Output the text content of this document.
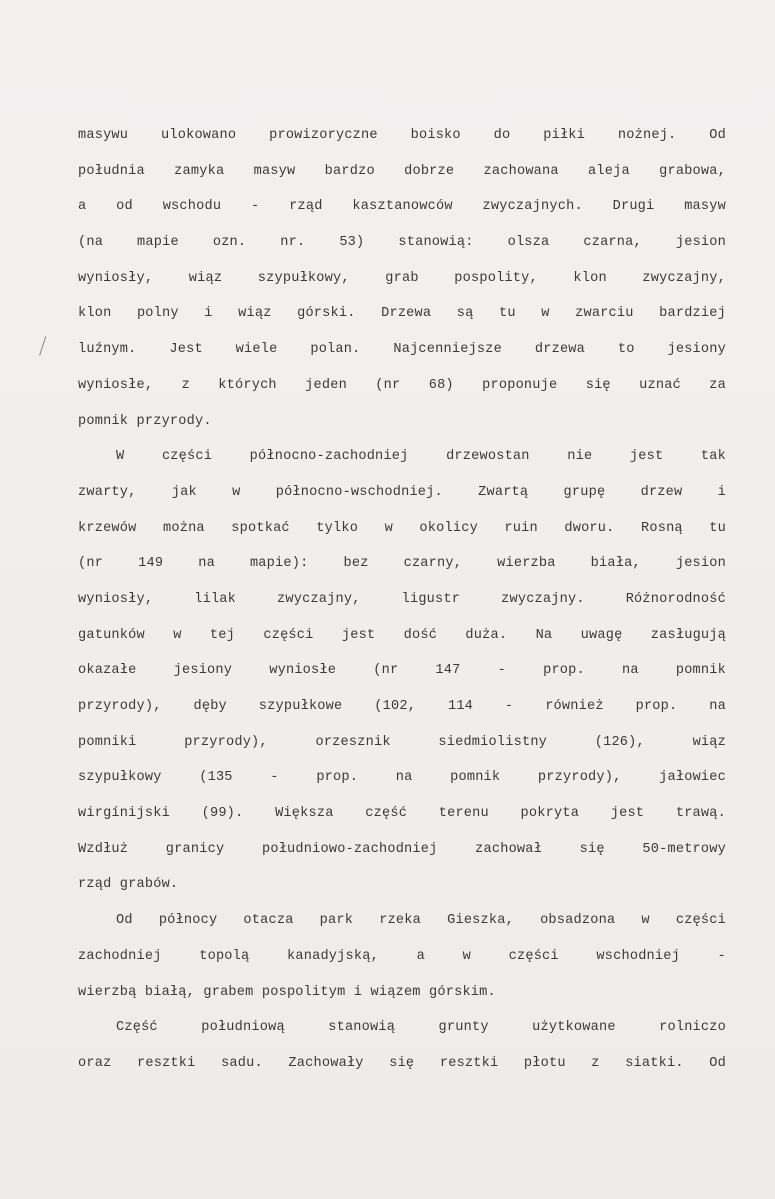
masywu ulokowano prowizoryczne boisko do piłki nożnej. Od
południa zamyka masyw bardzo dobrze zachowana aleja grabowa,
a od wschodu - rząd kasztanowców zwyczajnych. Drugi masyw
(na mapie ozn. nr. 53) stanowią: olsza czarna, jesion
wyniosły, wiąz szypułkowy, grab pospolity, klon zwyczajny,
klon polny i wiąz górski. Drzewa są tu w zwarciu bardziej
luźnym. Jest wiele polan. Najcenniejsze drzewa to jesiony
wyniosłe, z których jeden (nr 68) proponuje się uznać za
pomnik przyrody.
W części północno-zachodniej drzewostan nie jest tak
zwarty, jak w północno-wschodniej. Zwartą grupę drzew i
krzewów można spotkać tylko w okolicy ruin dworu. Rosną tu
(nr 149 na mapie): bez czarny, wierzba biała, jesion
wyniosły, lilak zwyczajny, ligustr zwyczajny. Różnorodność
gatunków w tej części jest dość duża. Na uwagę zasługują
okazałe jesiony wyniosłe (nr 147 - prop. na pomnik
przyrody), dęby szypułkowe (102, 114 - również prop. na
pomniki przyrody), orzesznik siedmiolistny (126), wiąz
szypułkowy (135 - prop. na pomnik przyrody), jałowiec
wirgínijski (99). Większa część terenu pokryta jest trawą.
Wzdłuż granicy południowo-zachodniej zachował się 50-metrowy
rząd grabów.
Od północy otacza park rzeka Gieszka, obsadzona w części
zachodniej topolą kanadyjską, a w części wschodniej -
wierzbą białą, grabem pospolitym i wiązem górskim.
Część południową stanowią grunty użytkowane rolniczo
oraz resztki sadu. Zachowały się resztki płotu z siatki. Od
